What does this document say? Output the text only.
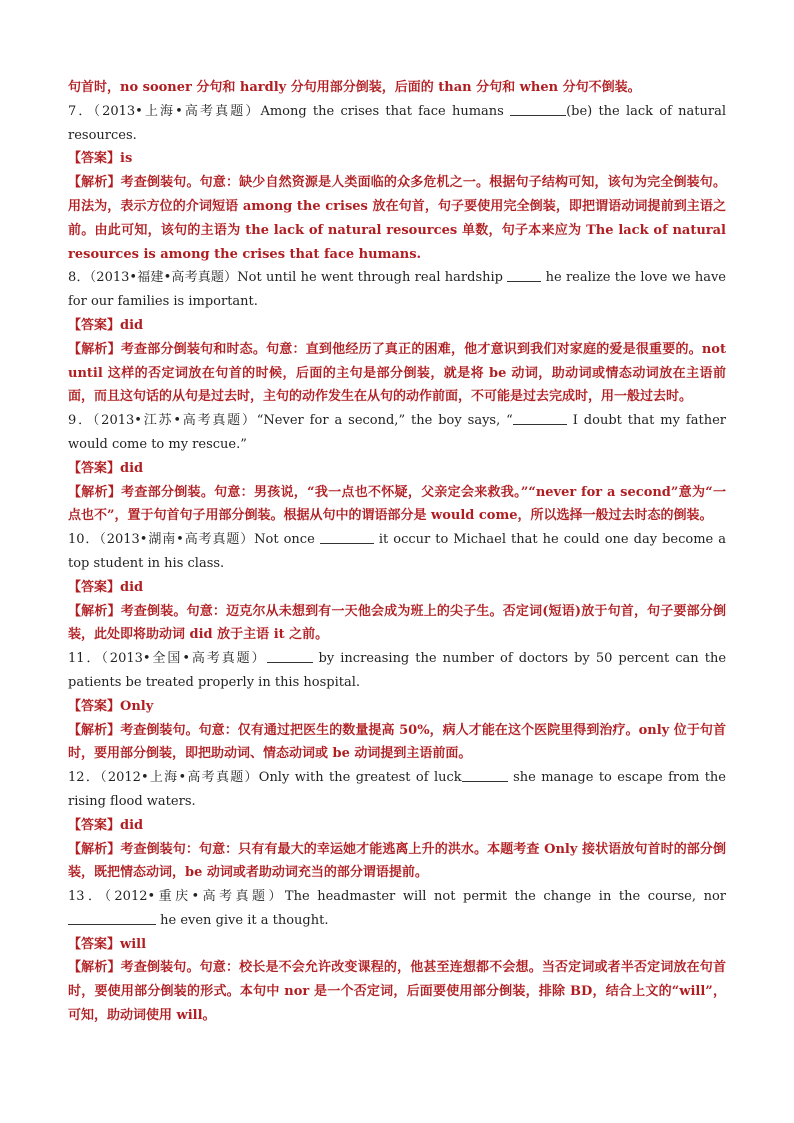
句首时，no sooner 分句和 hardly 分句用部分倒装，后面的 than 分句和 when 分句不倒装。

7．（2013•上海•高考真题）Among the crises that face humans	(be) the lack of natural resources.

【答案】is

【解析】考查倒装句。句意：缺少自然资源是人类面临的众多危机之一。根据句子结构可知，该句为完全倒装句。用法为，表示方位的介词短语 among the crises 放在句首，句子要使用完全倒装，即把谓语动词提前到主语之前。由此可知，该句的主语为 the lack of natural resources 单数，句子本来应为 The lack of natural resources is among the crises that face humans.

8．（2013•福建•高考真题）Not until he went through real hardship	he realize the love we have for our families is important.

【答案】did

【解析】考查部分倒装句和时态。句意：直到他经历了真正的困难，他才意识到我们对家庭的爱是很重要的。not until 这样的否定词放在句首的时候，后面的主句是部分倒装，就是将 be 动词，助动词或情态动词放在主语前面，而且这句话的从句是过去时，主句的动作发生在从句的动作前面，不可能是过去完成时，用一般过去时。

9．（2013•江苏•高考真题）“Never for a second,” the boy says, “	I doubt that my father would come to my rescue.”

【答案】did

【解析】考查部分倒装。句意：男孩说，“我一点也不怀疑，父亲定会来救我。”“never for a second”意为“一点也不”，置于句首句子用部分倒装。根据从句中的谓语部分是 would come，所以选择一般过去时态的倒装。

10．（2013•湖南•高考真题）Not once	it occur to Michael that he could one day become a top student in his class.

【答案】did

【解析】考查倒装。句意：迈克尔从未想到有一天他会成为班上的尖子生。否定词(短语)放于句首，句子要部分倒装，此处即将助动词 did 放于主语 it 之前。

11．（2013•全国•高考真题）	by increasing the number of doctors by 50 percent can the patients be treated properly in this hospital.

【答案】Only

【解析】考查倒装句。句意：仅有通过把医生的数量提高 50%，病人才能在这个医院里得到治疗。only 位于句首时，要用部分倒装，即把助动词、情态动词或 be 动词提到主语前面。

12．（2012•上海•高考真题）Only with the greatest of luck	she manage to escape from the rising flood waters.

【答案】did

【解析】考查倒装句：句意：只有有最大的幸运她才能逃离上升的洪水。本题考查 Only 接状语放句首时的部分倒装，既把情态动词，be 动词或者助动词充当的部分谓语提前。

13．（2012•重庆•高考真题）The headmaster will not permit the change in the course, nor  he even give it a thought.

【答案】will

【解析】考查倒装句。句意：校长是不会允许改变课程的，他甚至连想都不会想。当否定词或者半否定词放在句首时，要使用部分倒装的形式。本句中 nor 是一个否定词，后面要使用部分倒装，排除 BD，结合上文的“will”，可知，助动词使用 will。
